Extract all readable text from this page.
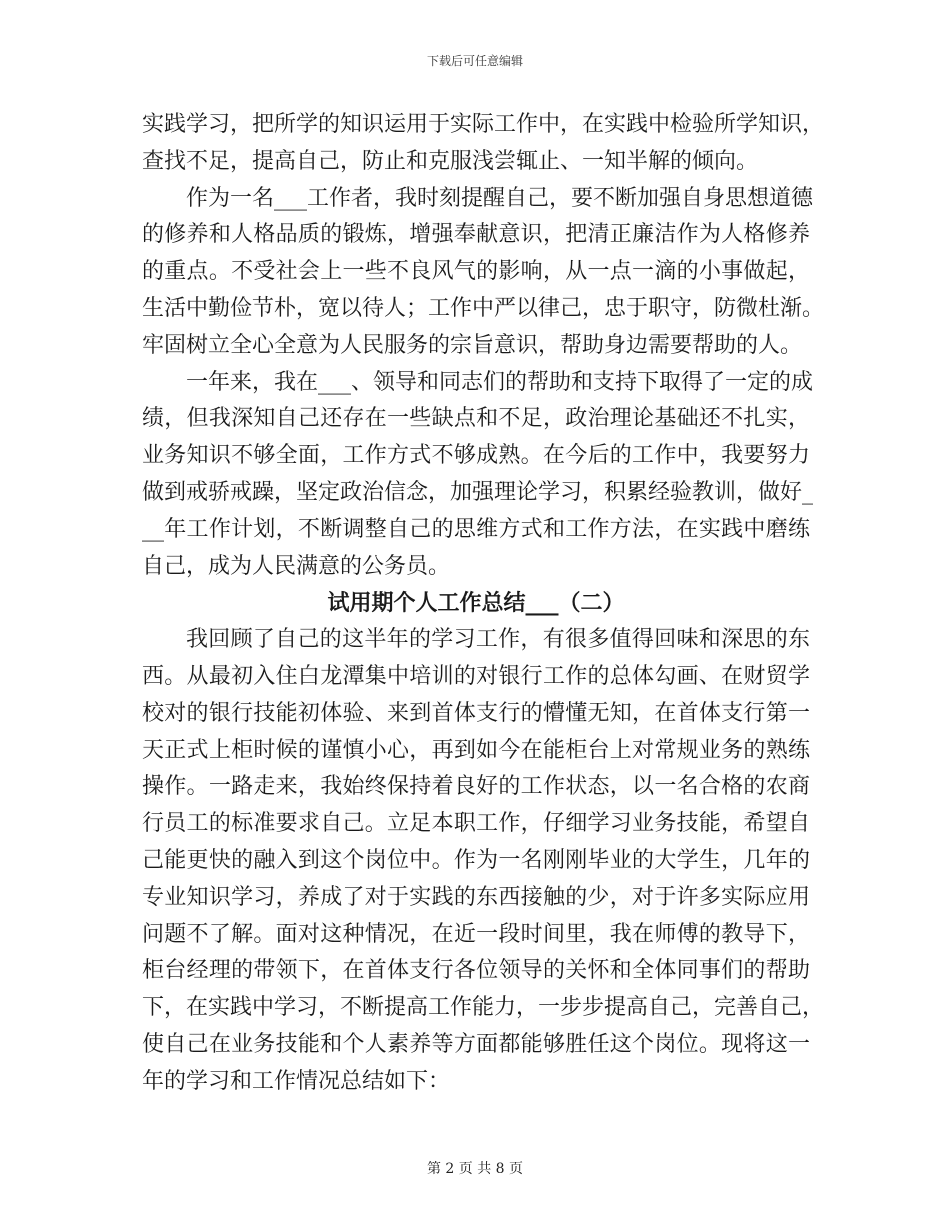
下载后可任意编辑
实践学习，把所学的知识运用于实际工作中，在实践中检验所学知识，
查找不足，提高自己，防止和克服浅尝辄止、一知半解的倾向。
作为一名___工作者，我时刻提醒自己，要不断加强自身思想道德
的修养和人格品质的锻炼，增强奉献意识，把清正廉洁作为人格修养
的重点。不受社会上一些不良风气的影响，从一点一滴的小事做起，
生活中勤俭节朴，宽以待人；工作中严以律己，忠于职守，防微杜渐。
牢固树立全心全意为人民服务的宗旨意识，帮助身边需要帮助的人。
一年来，我在___、领导和同志们的帮助和支持下取得了一定的成
绩，但我深知自己还存在一些缺点和不足，政治理论基础还不扎实，
业务知识不够全面，工作方式不够成熟。在今后的工作中，我要努力
做到戒骄戒躁，坚定政治信念，加强理论学习，积累经验教训，做好_
__年工作计划，不断调整自己的思维方式和工作方法，在实践中磨练
自己，成为人民满意的公务员。
试用期个人工作总结___（二）
我回顾了自己的这半年的学习工作，有很多值得回味和深思的东
西。从最初入住白龙潭集中培训的对银行工作的总体勾画、在财贸学
校对的银行技能初体验、来到首体支行的懵懂无知，在首体支行第一
天正式上柜时候的谨慎小心，再到如今在能柜台上对常规业务的熟练
操作。一路走来，我始终保持着良好的工作状态，以一名合格的农商
行员工的标准要求自己。立足本职工作，仔细学习业务技能，希望自
己能更快的融入到这个岗位中。作为一名刚刚毕业的大学生，几年的
专业知识学习，养成了对于实践的东西接触的少，对于许多实际应用
问题不了解。面对这种情况，在近一段时间里，我在师傅的教导下，
柜台经理的带领下，在首体支行各位领导的关怀和全体同事们的帮助
下，在实践中学习，不断提高工作能力，一步步提高自己，完善自己，
使自己在业务技能和个人素养等方面都能够胜任这个岗位。现将这一
年的学习和工作情况总结如下：
第 2 页 共 8 页
